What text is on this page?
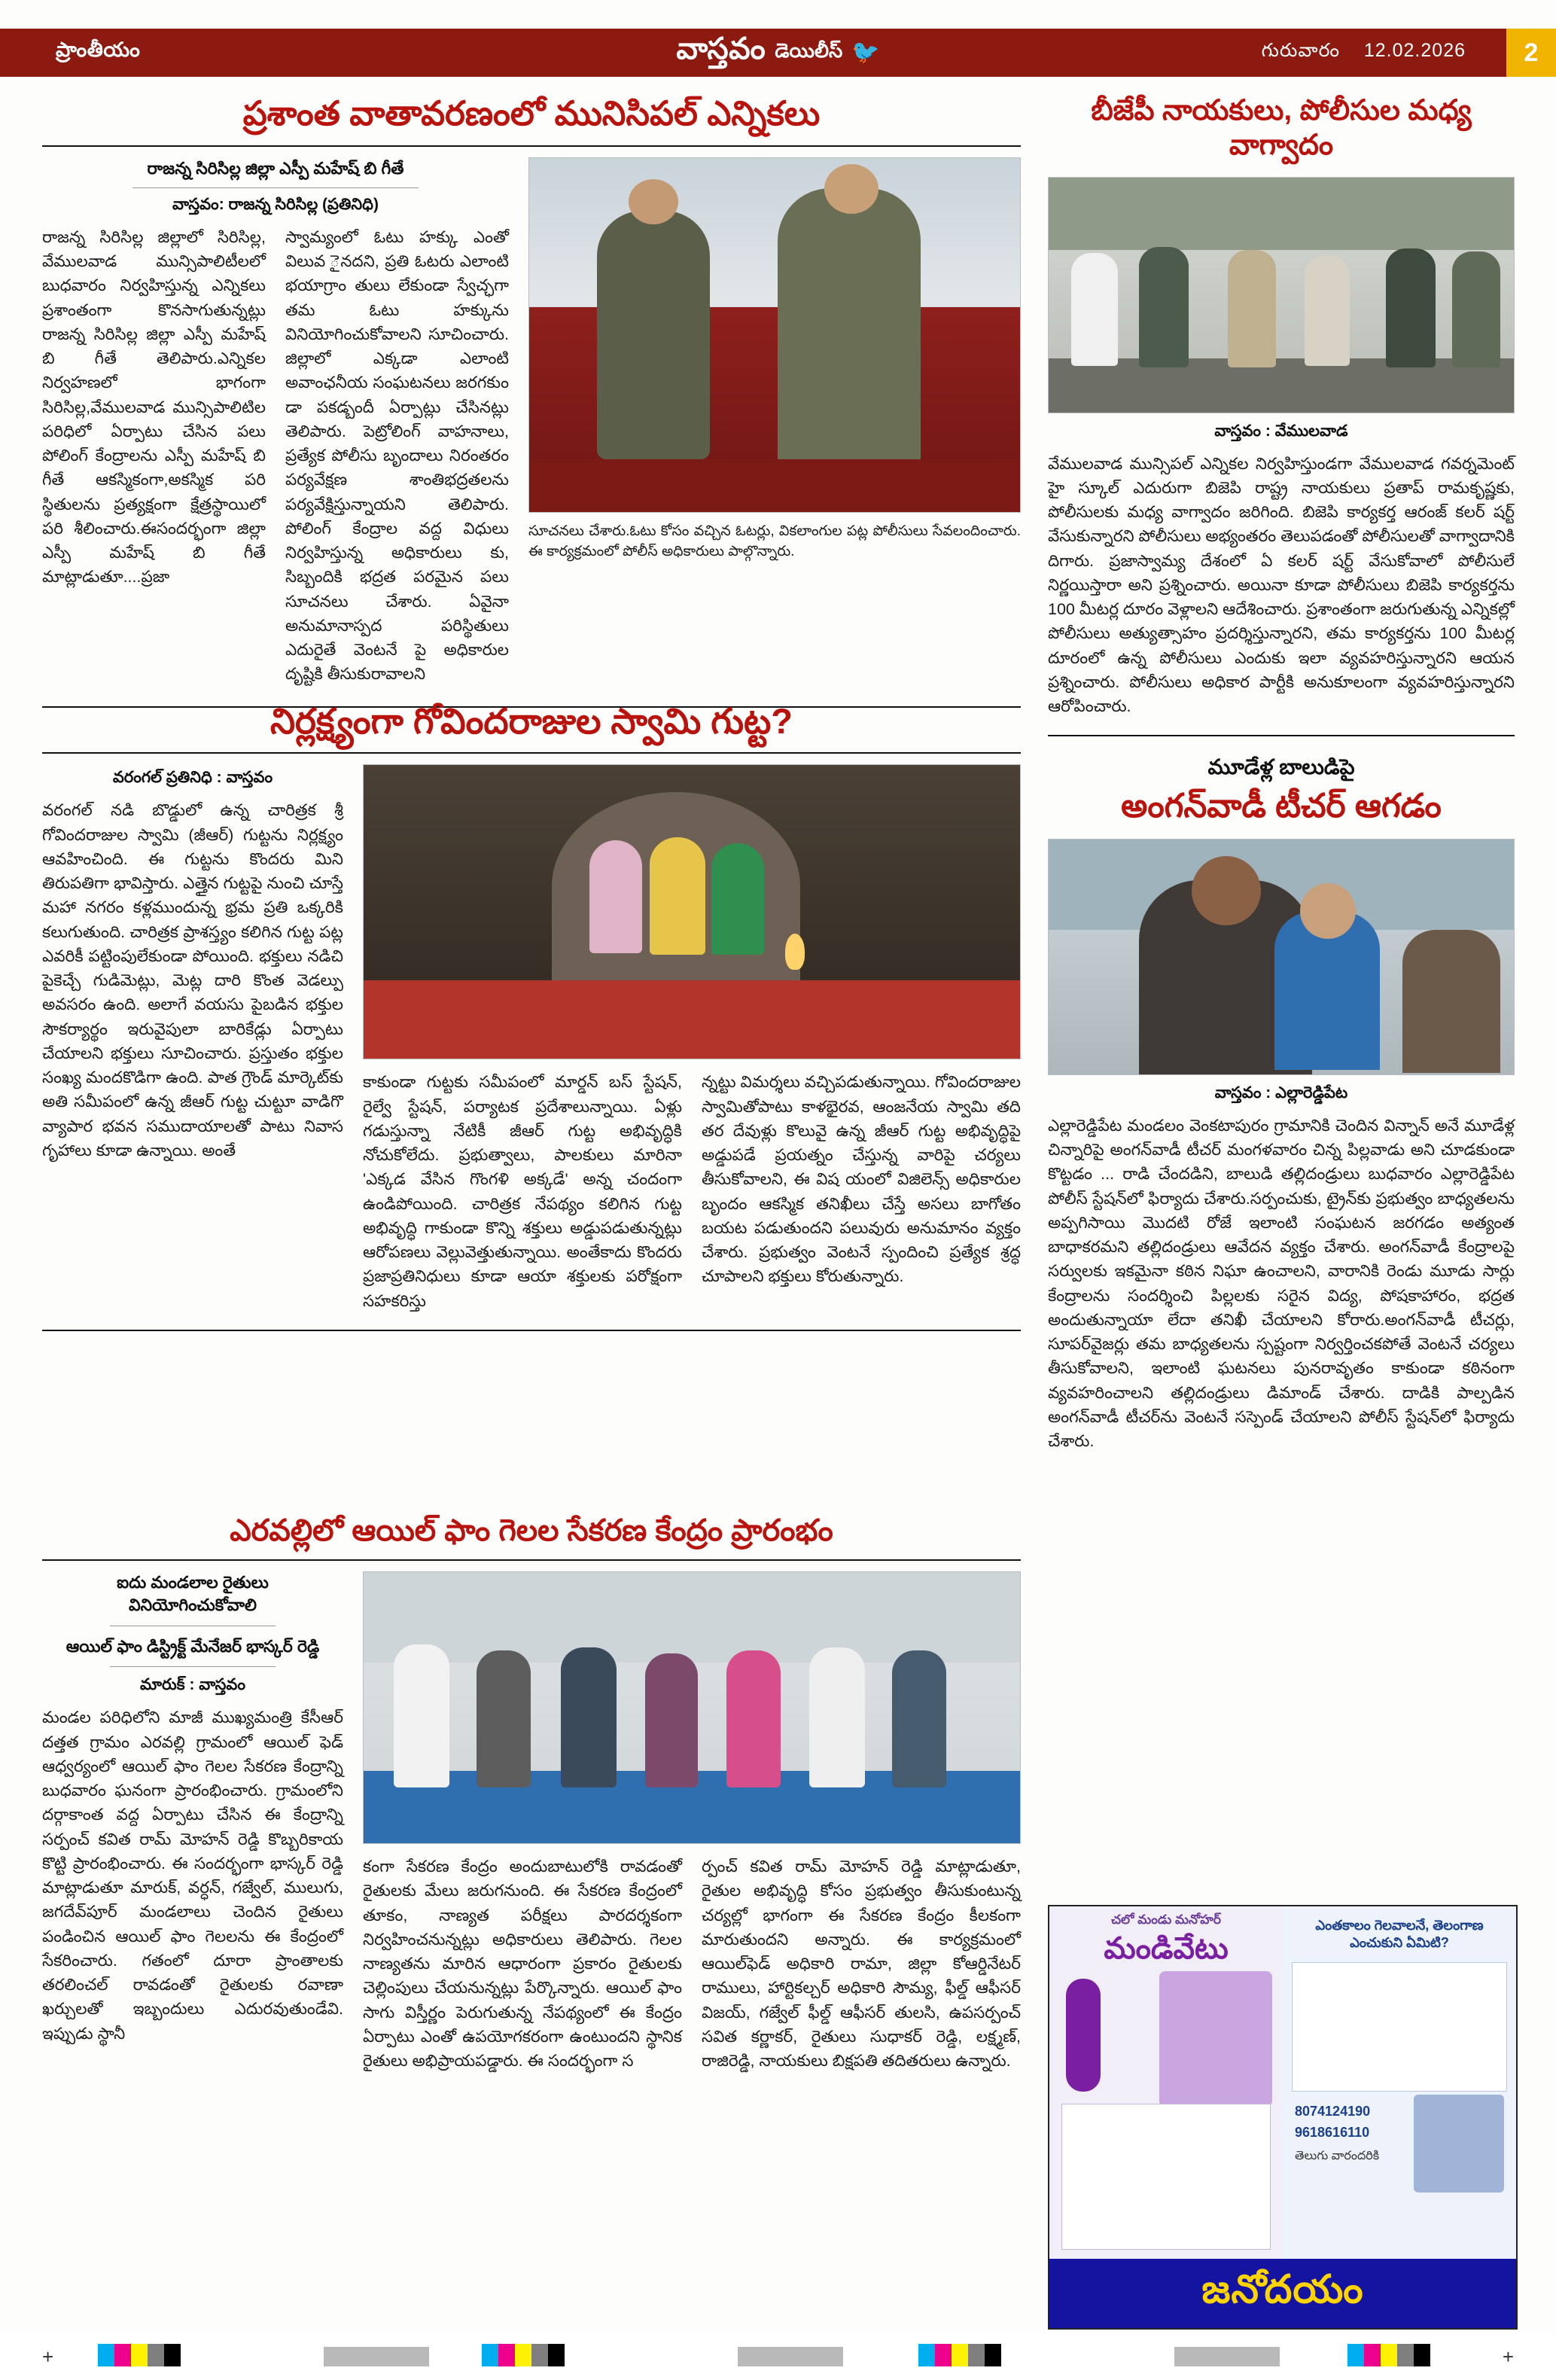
ప్రాంతీయం	వాస్తవం డెయిలీస్ 🐦	గురువారం 12.02.2026	2
ప్రశాంత వాతావరణంలో మునిసిపల్ ఎన్నికలు
రాజన్న సిరిసిల్ల జిల్లా ఎస్పీ మహేష్ బి గీతే
వాస్తవం: రాజన్న సిరిసిల్ల (ప్రతినిధి)
రాజన్న సిరిసిల్ల జిల్లాలో సిరిసిల్ల, వేములవాడ మున్సిపాలిటీలలో బుధవారం నిర్వహిస్తున్న ఎన్నికలు ప్రశాంతంగా కొనసాగుతున్నట్లు రాజన్న సిరిసిల్ల జిల్లా ఎస్పీ మహేష్ బి గీతే తెలిపారు.ఎన్నికల నిర్వహణలో భాగంగా సిరిసిల్ల,వేములవాడ మున్సిపాలిటిల పరిధిలో ఏర్పాటు చేసిన పలు పోలింగ్ కేంద్రాలను ఎస్పీ మహేష్ బి గీతే ఆకస్మికంగా,అకస్మిక పరి స్థితులను ప్రత్యక్షంగా క్షేత్రస్థాయిలో పరి శీలించారు.ఈసందర్భంగా జిల్లా ఎస్పీ మహేష్ బి గీతే మాట్లాడుతూ....ప్రజా
స్వామ్యంలో ఓటు హక్కు ఎంతో విలువ ైనదని, ప్రతి ఓటరు ఎలాంటి భయాగ్రాం తులు లేకుండా స్వేచ్ఛగా తమ ఓటు హక్కును వినియోగించుకోవాలని సూచించారు. జిల్లాలో ఎక్కడా ఎలాంటి అవాంఛనీయ సంఘటనలు జరగకుం డా పకడ్బందీ ఏర్పాట్లు చేసినట్లు తెలిపారు. పెట్రోలింగ్ వాహనాలు, ప్రత్యేక పోలీసు బృందాలు నిరంతరం పర్యవేక్షణ శాంతిభద్రతలను పర్యవేక్షిస్తున్నాయని తెలిపారు. పోలింగ్ కేంద్రాల వద్ద విధులు నిర్వహిస్తున్న అధికారులు కు, సిబ్బందికి భద్రత పరమైన పలు సూచనలు చేశారు. ఏవైనా అనుమానాస్పద పరిస్థితులు ఎదురైతే వెంటనే పై అధికారుల దృష్టికి తీసుకురావాలని
సూచనలు చేశారు.ఓటు కోసం వచ్చిన ఓటర్లు, వికలాంగుల పట్ల పోలీసులు సేవలందించారు. ఈ కార్యక్రమంలో పోలీస్ అధికారులు పాల్గొన్నారు.
నిర్లక్ష్యంగా గోవిందరాజుల స్వామి గుట్ట?
వరంగల్ ప్రతినిధి : వాస్తవం
వరంగల్ నడి బొడ్డులో ఉన్న చారిత్రక శ్రీ గోవిందరాజుల స్వామి (జీఆర్) గుట్టను నిర్లక్ష్యం ఆవహించింది. ఈ గుట్టను కొందరు మిని తిరుపతిగా భావిస్తారు. ఎత్తైన గుట్టపై నుంచి చూస్తే మహా నగరం కళ్లముందున్న భ్రమ ప్రతి ఒక్కరికి కలుగుతుంది. చారిత్రక ప్రాశస్త్యం కలిగిన గుట్ట పట్ల ఎవరికీ పట్టింపులేకుండా పోయింది. భక్తులు నడిచి పైకెచ్చే గుడిమెట్లు, మెట్ల దారి కొంత వెడల్పు అవసరం ఉంది. అలాగే వయసు పైబడిన భక్తుల సౌకర్యార్థం ఇరువైపులా బారికేడ్లు ఏర్పాటు చేయాలని భక్తులు సూచించారు. ప్రస్తుతం భక్తుల సంఖ్య మందకొడిగా ఉంది. పాత గ్రౌండ్ మార్కెట్‌కు అతి సమీపంలో ఉన్న జీఆర్ గుట్ట చుట్టూ వాడిగొ వ్యాపార భవన సముదాయాలతో పాటు నివాస గృహాలు కూడా ఉన్నాయి. అంతే
కాకుండా గుట్టకు సమీపంలో మార్డన్ బస్ స్టేషన్, రైల్వే స్టేషన్, పర్యాటక ప్రదేశాలున్నాయి. ఏళ్లు గడుస్తున్నా నేటికీ జీఆర్ గుట్ట అభివృద్ధికి నోచుకోలేదు. ప్రభుత్వాలు, పాలకులు మారినా 'ఎక్కడ వేసిన గొంగళి అక్కడే' అన్న చందంగా ఉండిపోయింది. చారిత్రక నేపథ్యం కలిగిన గుట్ట అభివృద్ధి గాకుండా కొన్ని శక్తులు అడ్డుపడుతున్నట్లు ఆరోపణలు వెల్లువెత్తుతున్నాయి. అంతేకాదు కొందరు ప్రజాప్రతినిధులు కూడా ఆయా శక్తులకు పరోక్షంగా సహకరిస్తు
న్నట్టు విమర్శలు వచ్చిపడుతున్నాయి. గోవిందరాజుల స్వామితోపాటు కాళభైరవ, ఆంజనేయ స్వామి తది తర దేవుళ్లు కొలువై ఉన్న జీఆర్ గుట్ట అభివృద్ధిపై అడ్డుపడే ప్రయత్నం చేస్తున్న వారిపై చర్యలు తీసుకోవాలని, ఈ విష యంలో విజిలెన్స్ అధికారుల బృందం ఆకస్మిక తనిఖీలు చేస్తే అసలు బాగోతం బయట పడుతుందని పలువురు అనుమానం వ్యక్తం చేశారు. ప్రభుత్వం వెంటనే స్పందించి ప్రత్యేక శ్రద్ధ చూపాలని భక్తులు కోరుతున్నారు.
ఎరవల్లిలో ఆయిల్ ఫాం గెలల సేకరణ కేంద్రం ప్రారంభం
ఐదు మండలాల రైతులు
వినియోగించుకోవాలి
ఆయిల్ ఫాం డిస్ట్రిక్ట్ మేనేజర్ భాస్కర్ రెడ్డి
మారుక్ : వాస్తవం
మండల పరిధిలోని మాజీ ముఖ్యమంత్రి కేసీఆర్ దత్తత గ్రామం ఎరవల్లి గ్రామంలో ఆయిల్ ఫెడ్ ఆధ్వర్యంలో ఆయిల్ ఫాం గెలల సేకరణ కేంద్రాన్ని బుధవారం ఘనంగా ప్రారంభించారు. గ్రామంలోని దర్గాకాంత వద్ద ఏర్పాటు చేసిన ఈ కేంద్రాన్ని సర్పంచ్ కవిత రామ్ మోహన్ రెడ్డి కొబ్బరికాయ కొట్టి ప్రారంభించారు. ఈ సందర్భంగా భాస్కర్ రెడ్డి మాట్లాడుతూ మారుక్, వర్ధన్, గజ్వేల్, ములుగు, జగదేవ్‌పూర్ మండలాలు చెందిన రైతులు పండించిన ఆయిల్ ఫాం గెలలను ఈ కేంద్రంలో సేకరించారు. గతంలో దూరా ప్రాంతాలకు తరలించల్ రావడంతో రైతులకు రవాణా ఖర్చులతో ఇబ్బందులు ఎదురవుతుండేవి. ఇప్పుడు స్థానీ
కంగా సేకరణ కేంద్రం అందుబాటులోకి రావడంతో రైతులకు మేలు జరుగనుంది. ఈ సేకరణ కేంద్రంలో తూకం, నాణ్యత పరీక్షలు పారదర్శకంగా నిర్వహించనున్నట్లు అధికారులు తెలిపారు. గెలల నాణ్యతను మారిన ఆధారంగా ప్రకారం రైతులకు చెల్లింపులు చేయనున్నట్లు పేర్కొన్నారు. ఆయిల్ ఫాం సాగు విస్తీర్ణం పెరుగుతున్న నేపథ్యంలో ఈ కేంద్రం ఏర్పాటు ఎంతో ఉపయోగకరంగా ఉంటుందని స్థానిక రైతులు అభిప్రాయపడ్డారు. ఈ సందర్భంగా స
ర్పంచ్ కవిత రామ్ మోహన్ రెడ్డి మాట్లాడుతూ, రైతుల అభివృద్ధి కోసం ప్రభుత్వం తీసుకుంటున్న చర్యల్లో భాగంగా ఈ సేకరణ కేంద్రం కీలకంగా మారుతుందని అన్నారు. ఈ కార్యక్రమంలో ఆయిల్‌ఫెడ్ అధికారి రామా, జిల్లా కోఆర్డినేటర్ రాములు, హార్టికల్చర్ అధికారి సౌమ్య, ఫీల్డ్ ఆఫీసర్ విజయ్, గజ్వేల్ ఫీల్డ్ ఆఫీసర్ తులసి, ఉపసర్పంచ్ సవిత కర్ణాకర్, రైతులు సుధాకర్ రెడ్డి, లక్ష్మణ్, రాజిరెడ్డి, నాయకులు బిక్షపతి తదితరులు ఉన్నారు.
బీజేపీ నాయకులు, పోలీసుల మధ్య వాగ్వాదం
వాస్తవం : వేములవాడ
వేములవాడ మున్సిపల్ ఎన్నికల నిర్వహిస్తుండగా వేములవాడ గవర్నమెంట్ హై స్కూల్ ఎదురుగా బిజెపి రాష్ట్ర నాయకులు ప్రతాప్ రామకృష్ణకు, పోలీసులకు మధ్య వాగ్వాదం జరిగింది. బిజెపి కార్యకర్త ఆరంజ్ కలర్ షర్ట్ వేసుకున్నారని పోలీసులు అభ్యంతరం తెలుపడంతో పోలీసులతో వాగ్వాదానికి దిగారు. ప్రజాస్వామ్య దేశంలో ఏ కలర్ షర్ట్ వేసుకోవాలో పోలీసులే నిర్ణయిస్తారా అని ప్రశ్నించారు. అయినా కూడా పోలీసులు బిజెపి కార్యకర్తను 100 మీటర్ల దూరం వెళ్లాలని ఆదేశించారు. ప్రశాంతంగా జరుగుతున్న ఎన్నికల్లో పోలీసులు అత్యుత్సాహం ప్రదర్శిస్తున్నారని, తమ కార్యకర్తను 100 మీటర్ల దూరంలో ఉన్న పోలీసులు ఎందుకు ఇలా వ్యవహరిస్తున్నారని ఆయన ప్రశ్నించారు. పోలీసులు అధికార పార్టీకి అనుకూలంగా వ్యవహరిస్తున్నారని ఆరోపించారు.
మూడేళ్ల బాలుడిపై
అంగన్‌వాడీ టీచర్ ఆగడం
వాస్తవం : ఎల్లారెడ్డిపేట
ఎల్లారెడ్డిపేట మండలం వెంకటాపురం గ్రామానికి చెందిన విన్నాన్ అనే మూడేళ్ల చిన్నారిపై అంగన్‌వాడీ టీచర్ మంగళవారం చిన్న పిల్లవాడు అని చూడకుండా కొట్టడం ... రాడి చేందడిని, బాలుడి తల్లిదండ్రులు బుధవారం ఎల్లారెడ్డిపేట పోలీస్ స్టేషన్‌లో ఫిర్యాదు చేశారు.సర్పంచుకు, ట్రైన్‌కు ప్రభుత్వం బాధ్యతలను అప్పగిసాయి మొదటి రోజే ఇలాంటి సంఘటన జరగడం అత్యంత బాధాకరమని తల్లిదండ్రులు ఆవేదన వ్యక్తం చేశారు. అంగన్‌వాడీ కేంద్రాలపై సర్వులకు ఇకమైనా కఠిన నిఘా ఉంచాలని, వారానికి రెండు మూడు సార్లు కేంద్రాలను సందర్శించి పిల్లలకు సరైన విద్య, పోషకాహారం, భద్రత అందుతున్నాయా లేదా తనిఖీ చేయాలని కోరారు.అంగన్‌వాడీ టీచర్లు, సూపర్‌వైజర్లు తమ బాధ్యతలను స్పష్టంగా నిర్వర్తించకపోతే వెంటనే చర్యలు తీసుకోవాలని, ఇలాంటి ఘటనలు పునరావృతం కాకుండా కఠినంగా వ్యవహరించాలని తల్లిదండ్రులు డిమాండ్ చేశారు. దాడికి పాల్పడిన అంగన్‌వాడీ టీచర్‌ను వెంటనే సస్పెండ్ చేయాలని పోలీస్ స్టేషన్‌లో ఫిర్యాదు చేశారు.
చలో మండు మనోహర్
మండివేటు
ఎంతకాలం గెలవాలనే, తెలంగాణ ఎంచుకుని ఏమిటి?
8074124190
9618616110
తెలుగు వారందరికి
జనోదయం
+	+
